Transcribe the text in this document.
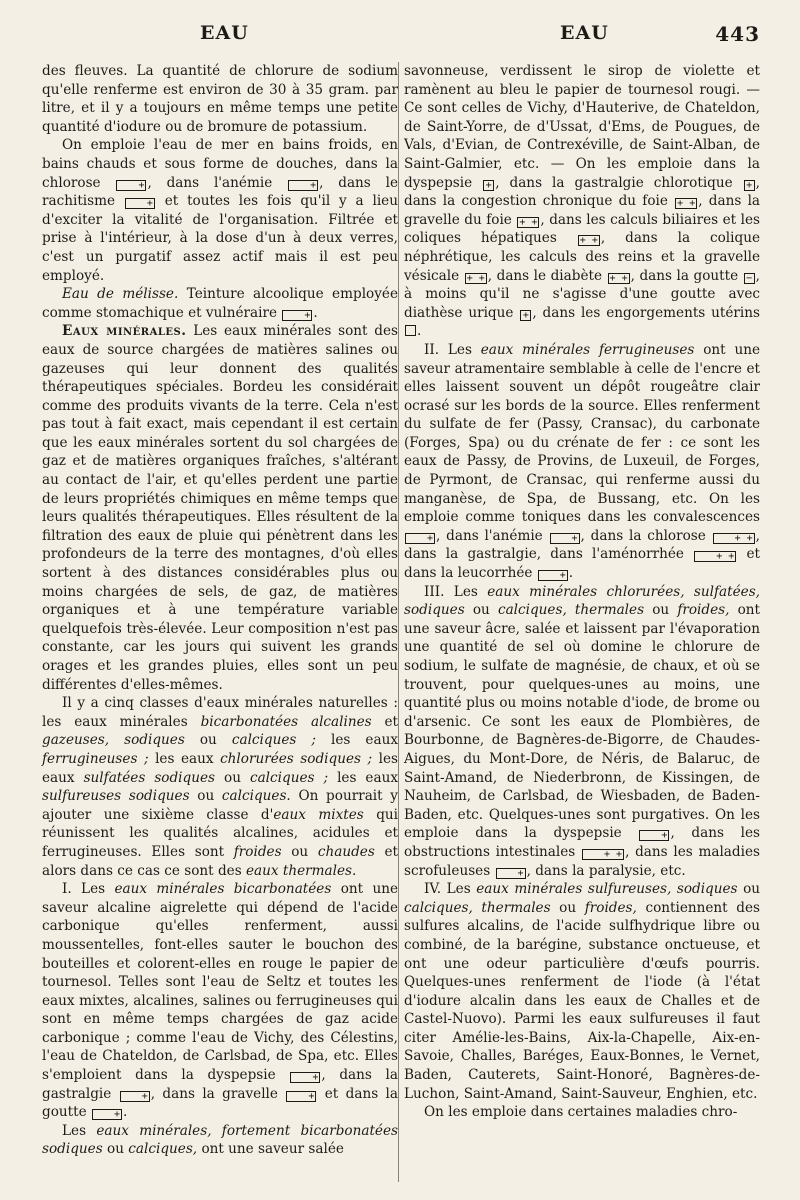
EAU	EAU	443

des fleuves. La quantité de chlorure de sodium qu'elle renferme est environ de 30 à 35 gram. par litre, et il y a toujours en même temps une petite quantité d'iodure ou de bromure de potassium.

On emploie l'eau de mer en bains froids, en bains chauds et sous forme de douches, dans la chlorose	+ , dans l'anémie	+ , dans le rachitisme	+ et toutes les fois qu'il y a lieu d'exciter la vitalité de l'organisation. Filtrée et prise à l'intérieur, à la dose d'un à deux verres, c'est un purgatif assez actif mais il est peu employé.

Eau de mélisse. Teinture alcoolique employée comme stomachique et vulnéraire	+ .

Eaux minérales. Les eaux minérales sont des eaux de source chargées de matières salines ou gazeuses qui leur donnent des qualités thérapeutiques spéciales. Bordeu les considérait comme des produits vivants de la terre. Cela n'est pas tout à fait exact, mais cependant il est certain que les eaux minérales sortent du sol chargées de gaz et de matières organiques fraîches, s'altérant au contact de l'air, et qu'elles perdent une partie de leurs propriétés chimiques en même temps que leurs qualités thérapeutiques. Elles résultent de la filtration des eaux de pluie qui pénètrent dans les profondeurs de la terre des montagnes, d'où elles sortent à des distances considérables plus ou moins chargées de sels, de gaz, de matières organiques et à une température variable quelquefois très-élevée. Leur composition n'est pas constante, car les jours qui suivent les grands orages et les grandes pluies, elles sont un peu différentes d'elles-mêmes.

Il y a cinq classes d'eaux minérales naturelles : les eaux minérales bicarbonatées alcalines et gazeuses, sodiques ou calciques ; les eaux ferrugineuses ; les eaux chlorurées sodiques ; les eaux sulfatées sodiques ou calciques ; les eaux sulfureuses sodiques ou calciques. On pourrait y ajouter une sixième classe d'eaux mixtes qui réunissent les qualités alcalines, acidules et ferrugineuses. Elles sont froides ou chaudes et alors dans ce cas ce sont des eaux thermales.

I. Les eaux minérales bicarbonatées ont une saveur alcaline aigrelette qui dépend de l'acide carbonique qu'elles renferment, aussi moussentelles, font-elles sauter le bouchon des bouteilles et colorent-elles en rouge le papier de tournesol. Telles sont l'eau de Seltz et toutes les eaux mixtes, alcalines, salines ou ferrugineuses qui sont en même temps chargées de gaz acide carbonique ; comme l'eau de Vichy, des Célestins, l'eau de Chateldon, de Carlsbad, de Spa, etc. Elles s'emploient dans la dyspepsie	+ , dans la gastralgie	+ , dans la gravelle	+ et dans la goutte	+ .

Les eaux minérales, fortement bicarbonatées sodiques ou calciques, ont une saveur salée

savonneuse, verdissent le sirop de violette et ramènent au bleu le papier de tournesol rougi. — Ce sont celles de Vichy, d'Hauterive, de Chateldon, de Saint-Yorre, de d'Ussat, d'Ems, de Pougues, de Vals, d'Evian, de Contrexéville, de Saint-Alban, de Saint-Galmier, etc. — On les emploie dans la dyspepsie + , dans la gastralgie chlorotique + , dans la congestion chronique du foie + + , dans la gravelle du foie + + , dans les calculs biliaires et les coliques hépatiques + + , dans la colique néphrétique, les calculs des reins et la gravelle vésicale + + , dans le diabète + + , dans la goutte − , à moins qu'il ne s'agisse d'une goutte avec diathèse urique + , dans les engorgements utérins .

II. Les eaux minérales ferrugineuses ont une saveur atramentaire semblable à celle de l'encre et elles laissent souvent un dépôt rougeâtre clair ocrasé sur les bords de la source. Elles renferment du sulfate de fer (Passy, Cransac), du carbonate (Forges, Spa) ou du crénate de fer : ce sont les eaux de Passy, de Provins, de Luxeuil, de Forges, de Pyrmont, de Cransac, qui renferme aussi du manganèse, de Spa, de Bussang, etc. On les emploie comme toniques dans les convalescences + , dans l'anémie	+ , dans la chlorose	+ + , dans la gastralgie, dans l'aménorrhée	+ + et dans la leucorrhée	+ .

III. Les eaux minérales chlorurées, sulfatées, sodiques ou calciques, thermales ou froides, ont une saveur âcre, salée et laissent par l'évaporation une quantité de sel où domine le chlorure de sodium, le sulfate de magnésie, de chaux, et où se trouvent, pour quelques-unes au moins, une quantité plus ou moins notable d'iode, de brome ou d'arsenic. Ce sont les eaux de Plombières, de Bourbonne, de Bagnères-de-Bigorre, de Chaudes-Aigues, du Mont-Dore, de Néris, de Balaruc, de Saint-Amand, de Niederbronn, de Kissingen, de Nauheim, de Carlsbad, de Wiesbaden, de Baden-Baden, etc. Quelques-unes sont purgatives. On les emploie dans la dyspepsie	+ , dans les obstructions intestinales	+ + , dans les maladies scrofuleuses	+ , dans la paralysie, etc.

IV. Les eaux minérales sulfureuses, sodiques ou calciques, thermales ou froides, contiennent des sulfures alcalins, de l'acide sulfhydrique libre ou combiné, de la barégine, substance onctueuse, et ont une odeur particulière d'œufs pourris. Quelques-unes renferment de l'iode (à l'état d'iodure alcalin dans les eaux de Challes et de Castel-Nuovo). Parmi les eaux sulfureuses il faut citer Amélie-les-Bains, Aix-la-Chapelle, Aix-en-Savoie, Challes, Baréges, Eaux-Bonnes, le Vernet, Baden, Cauterets, Saint-Honoré, Bagnères-de-Luchon, Saint-Amand, Saint-Sauveur, Enghien, etc.

On les emploie dans certaines maladies chro-
